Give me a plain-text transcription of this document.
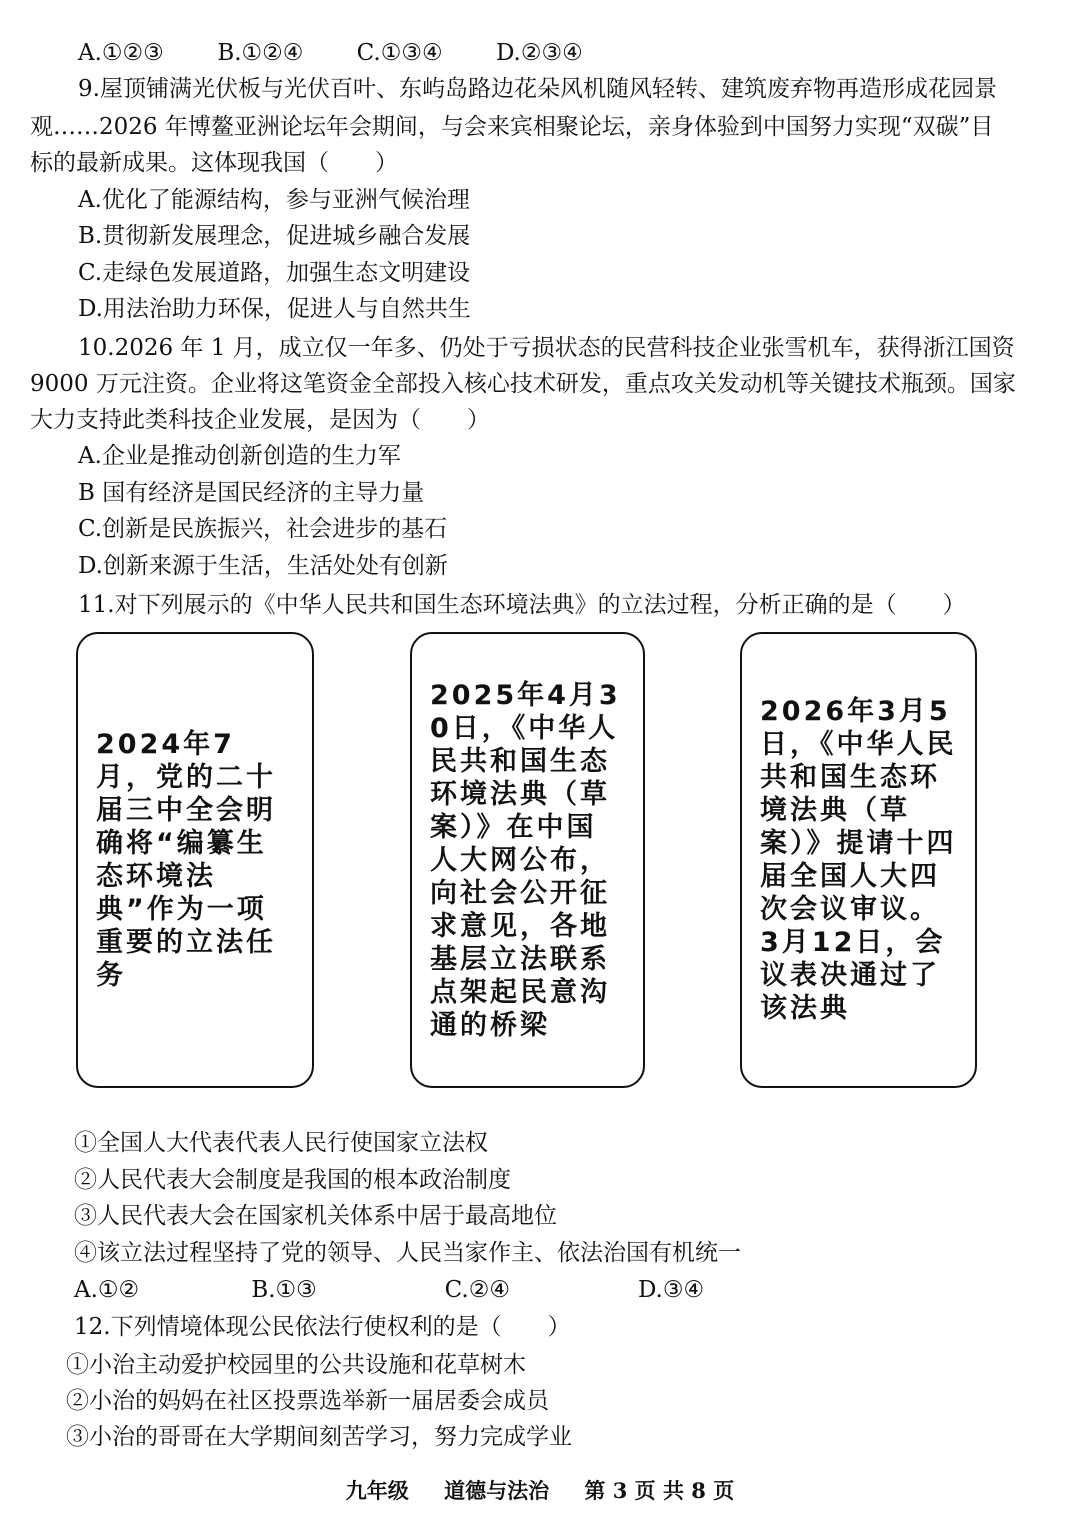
A.①②③ B.①②④ C.①③④ D.②③④
9.屋顶铺满光伏板与光伏百叶、东屿岛路边花朵风机随风轻转、建筑废弃物再造形成花园景
观……2026 年博鳌亚洲论坛年会期间，与会来宾相聚论坛，亲身体验到中国努力实现“双碳”目
标的最新成果。这体现我国（　　）
A.优化了能源结构，参与亚洲气候治理
B.贯彻新发展理念，促进城乡融合发展
C.走绿色发展道路，加强生态文明建设
D.用法治助力环保，促进人与自然共生
10.2026 年 1 月，成立仅一年多、仍处于亏损状态的民营科技企业张雪机车，获得浙江国资
9000 万元注资。企业将这笔资金全部投入核心技术研发，重点攻关发动机等关键技术瓶颈。国家
大力支持此类科技企业发展，是因为（　　）
A.企业是推动创新创造的生力军
B 国有经济是国民经济的主导力量
C.创新是民族振兴，社会进步的基石
D.创新来源于生活，生活处处有创新
11.对下列展示的《中华人民共和国生态环境法典》的立法过程，分析正确的是（　　）
2024年7月，党的二十届三中全会明确将“编纂生态环境法典”作为一项重要的立法任务
2025年4月30日，《中华人民共和国生态环境法典（草案）》在中国人大网公布，向社会公开征求意见，各地基层立法联系点架起民意沟通的桥梁
2026年3月5日，《中华人民共和国生态环境法典（草案）》提请十四届全国人大四次会议审议。3月12日，会议表决通过了该法典
①全国人大代表代表人民行使国家立法权
②人民代表大会制度是我国的根本政治制度
③人民代表大会在国家机关体系中居于最高地位
④该立法过程坚持了党的领导、人民当家作主、依法治国有机统一
A.①②	B.①③	C.②④	D.③④
12.下列情境体现公民依法行使权利的是（　　）
①小治主动爱护校园里的公共设施和花草树木
②小治的妈妈在社区投票选举新一届居委会成员
③小治的哥哥在大学期间刻苦学习，努力完成学业
九年级 道德与法治 第 3 页 共 8 页
